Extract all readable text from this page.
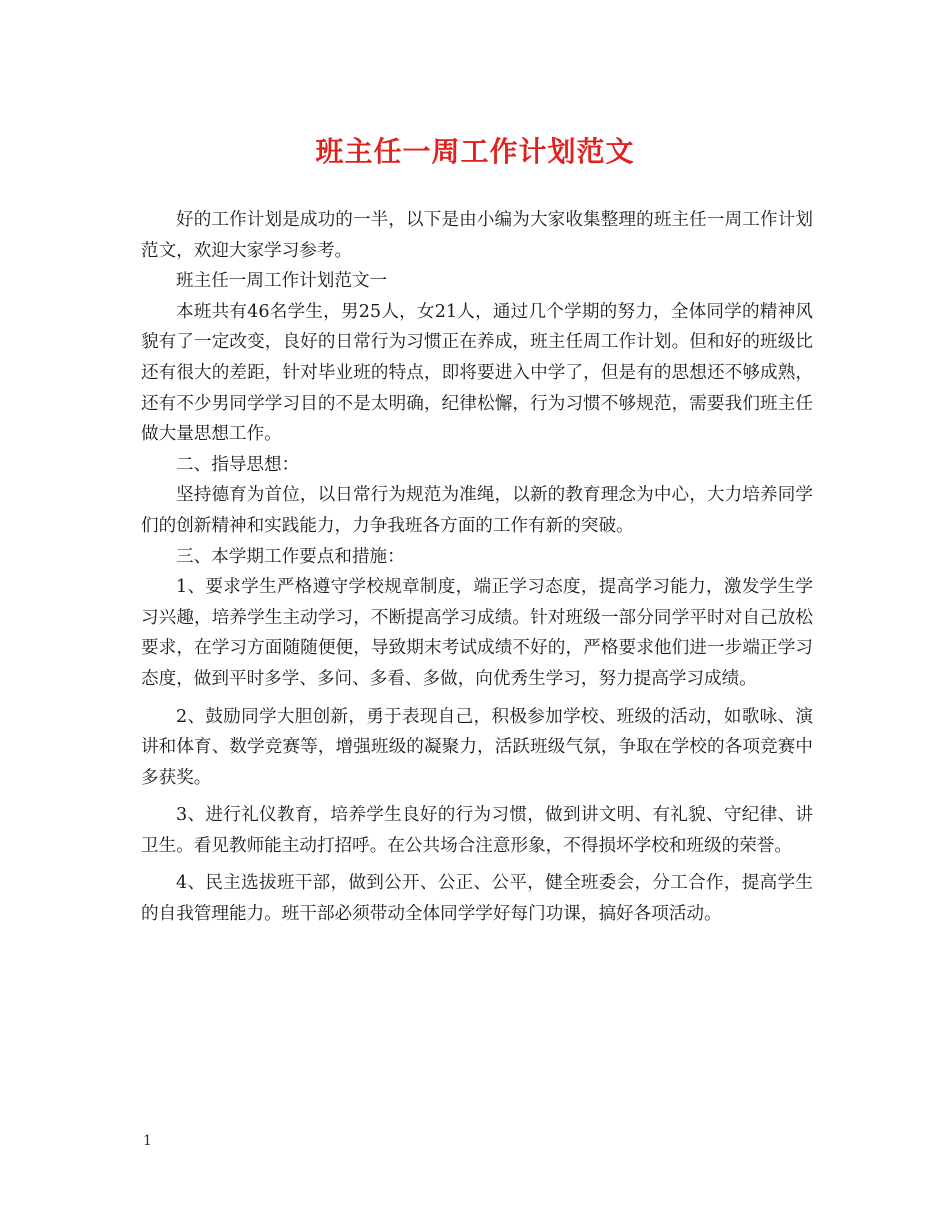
班主任一周工作计划范文

好的工作计划是成功的一半，以下是由小编为大家收集整理的班主任一周工作计划范文，欢迎大家学习参考。

班主任一周工作计划范文一

本班共有46名学生，男25人，女21人，通过几个学期的努力，全体同学的精神风貌有了一定改变，良好的日常行为习惯正在养成，班主任周工作计划。但和好的班级比还有很大的差距，针对毕业班的特点，即将要进入中学了，但是有的思想还不够成熟，还有不少男同学学习目的不是太明确，纪律松懈，行为习惯不够规范，需要我们班主任做大量思想工作。

二、指导思想：

坚持德育为首位，以日常行为规范为准绳，以新的教育理念为中心，大力培养同学们的创新精神和实践能力，力争我班各方面的工作有新的突破。

三、本学期工作要点和措施：

1、要求学生严格遵守学校规章制度，端正学习态度，提高学习能力，激发学生学习兴趣，培养学生主动学习，不断提高学习成绩。针对班级一部分同学平时对自己放松要求，在学习方面随随便便，导致期末考试成绩不好的，严格要求他们进一步端正学习态度，做到平时多学、多问、多看、多做，向优秀生学习，努力提高学习成绩。

2、鼓励同学大胆创新，勇于表现自己，积极参加学校、班级的活动，如歌咏、演讲和体育、数学竞赛等，增强班级的凝聚力，活跃班级气氛，争取在学校的各项竞赛中多获奖。

3、进行礼仪教育，培养学生良好的行为习惯，做到讲文明、有礼貌、守纪律、讲卫生。看见教师能主动打招呼。在公共场合注意形象，不得损坏学校和班级的荣誉。

4、民主选拔班干部，做到公开、公正、公平，健全班委会，分工合作，提高学生的自我管理能力。班干部必须带动全体同学学好每门功课，搞好各项活动。

1
